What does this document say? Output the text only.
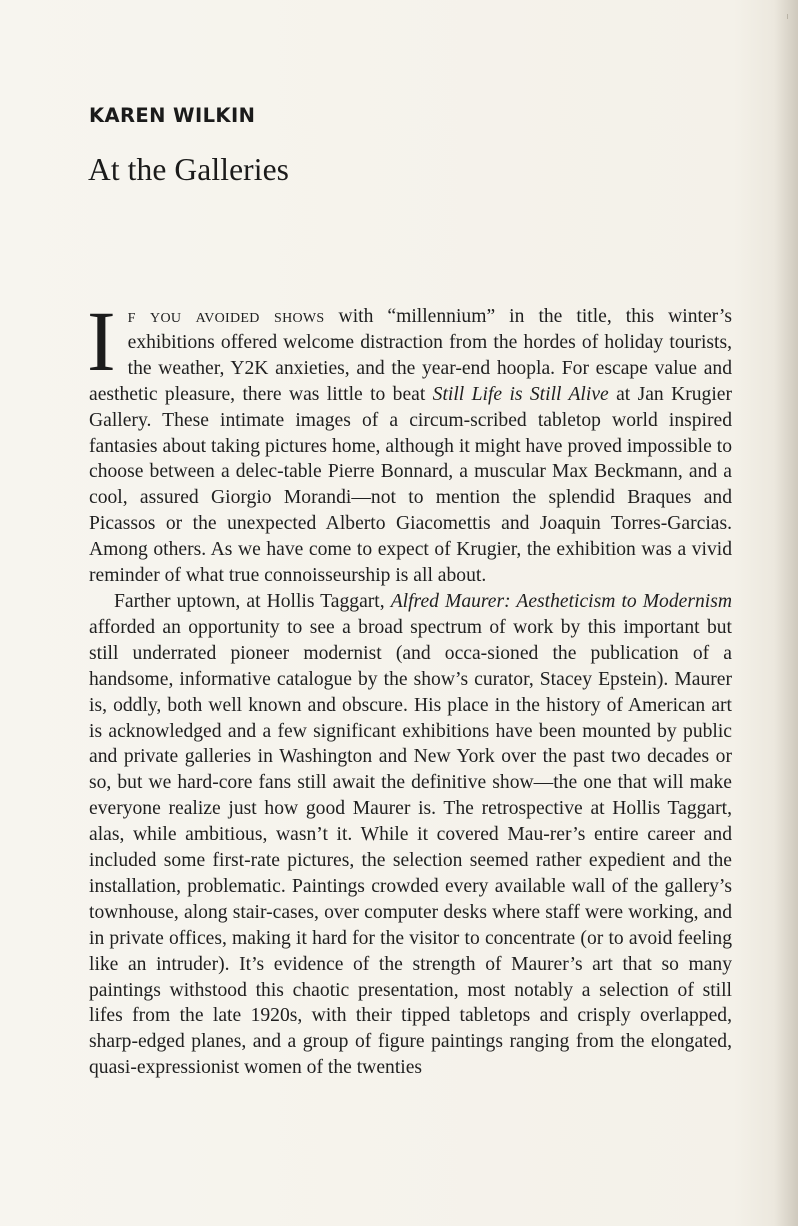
KAREN WILKIN
At the Galleries

If you avoided shows with “millennium” in the title, this winter’s exhibitions offered welcome distraction from the hordes of holiday tourists, the weather, Y2K anxieties, and the year-end hoopla. For escape value and aesthetic pleasure, there was little to beat Still Life is Still Alive at Jan Krugier Gallery. These intimate images of a circum-scribed tabletop world inspired fantasies about taking pictures home, although it might have proved impossible to choose between a delec-table Pierre Bonnard, a muscular Max Beckmann, and a cool, assured Giorgio Morandi—not to mention the splendid Braques and Picassos or the unexpected Alberto Giacomettis and Joaquin Torres-Garcias. Among others. As we have come to expect of Krugier, the exhibition was a vivid reminder of what true connoisseurship is all about.

Farther uptown, at Hollis Taggart, Alfred Maurer: Aestheticism to Modernism afforded an opportunity to see a broad spectrum of work by this important but still underrated pioneer modernist (and occa-sioned the publication of a handsome, informative catalogue by the show’s curator, Stacey Epstein). Maurer is, oddly, both well known and obscure. His place in the history of American art is acknowledged and a few significant exhibitions have been mounted by public and private galleries in Washington and New York over the past two decades or so, but we hard-core fans still await the definitive show—the one that will make everyone realize just how good Maurer is. The retrospective at Hollis Taggart, alas, while ambitious, wasn’t it. While it covered Mau-rer’s entire career and included some first-rate pictures, the selection seemed rather expedient and the installation, problematic. Paintings crowded every available wall of the gallery’s townhouse, along stair-cases, over computer desks where staff were working, and in private offices, making it hard for the visitor to concentrate (or to avoid feeling like an intruder). It’s evidence of the strength of Maurer’s art that so many paintings withstood this chaotic presentation, most notably a selection of still lifes from the late 1920s, with their tipped tabletops and crisply overlapped, sharp-edged planes, and a group of figure paintings ranging from the elongated, quasi-expressionist women of the twenties
